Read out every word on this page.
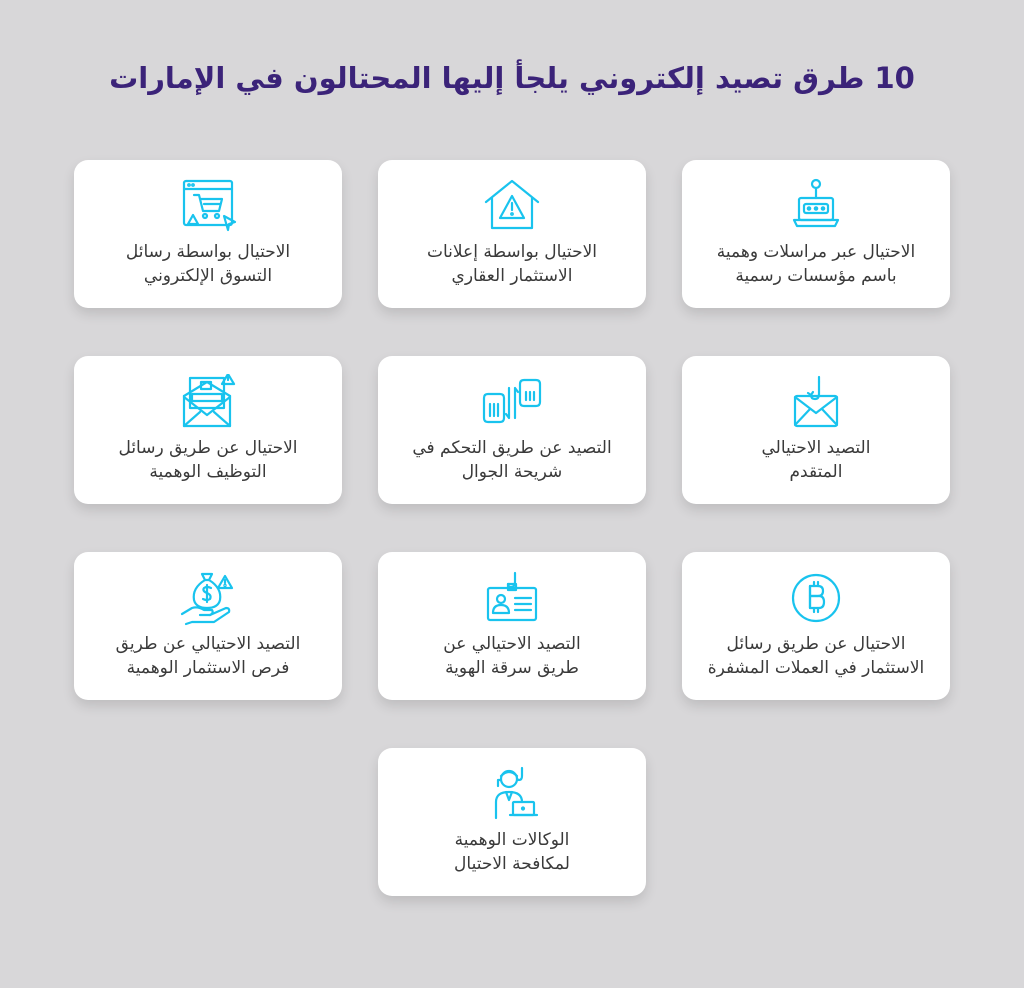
10 طرق تصيد إلكتروني يلجأ إليها المحتالون في الإمارات
الاحتيال عبر مراسلات وهمية
باسم مؤسسات رسمية
الاحتيال بواسطة إعلانات
الاستثمار العقاري
الاحتيال بواسطة رسائل
التسوق الإلكتروني
التصيد الاحتيالي
المتقدم
التصيد عن طريق التحكم في
شريحة الجوال
الاحتيال عن طريق رسائل
التوظيف الوهمية
الاحتيال عن طريق رسائل
الاستثمار في العملات المشفرة
التصيد الاحتيالي عن
طريق سرقة الهوية
التصيد الاحتيالي عن طريق
فرص الاستثمار الوهمية
الوكالات الوهمية
لمكافحة الاحتيال
